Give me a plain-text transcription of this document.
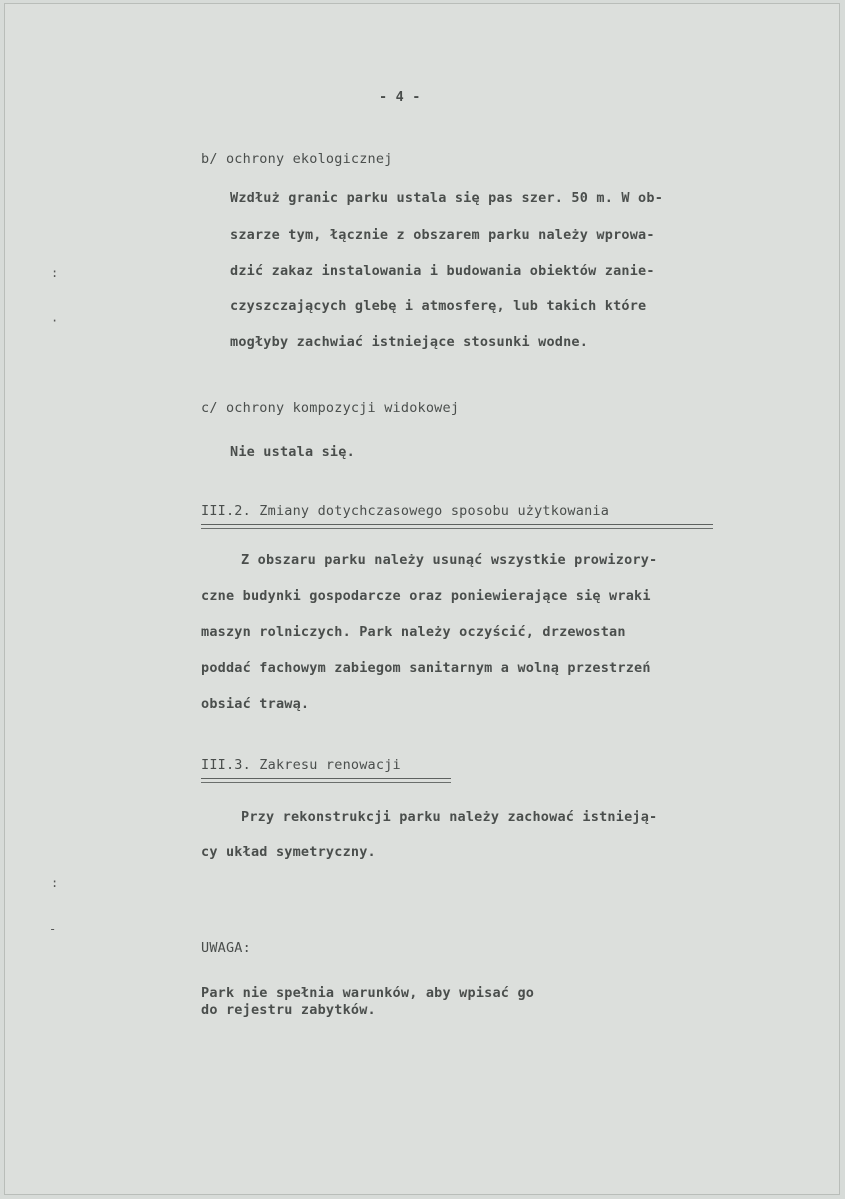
- 4 -
b/ ochrony ekologicznej
Wzdłuż granic parku ustala się pas szer. 50 m. W ob-
szarze tym, łącznie z obszarem parku należy wprowa-
dzić zakaz instalowania i budowania obiektów zanie-
czyszczających glebę i atmosferę, lub takich które
mogłyby zachwiać istniejące stosunki wodne.
c/ ochrony kompozycji widokowej
Nie ustala się.
III.2. Zmiany dotychczasowego sposobu użytkowania
Z obszaru parku należy usunąć wszystkie prowizory-
czne budynki gospodarcze oraz poniewierające się wraki
maszyn rolniczych. Park należy oczyścić, drzewostan
poddać fachowym zabiegom sanitarnym a wolną przestrzeń
obsiać trawą.
III.3. Zakresu renowacji
Przy rekonstrukcji parku należy zachować istnieją-
cy układ symetryczny.
UWAGA:
Park nie spełnia warunków, aby wpisać go
do rejestru zabytków.
:
·
:
-
